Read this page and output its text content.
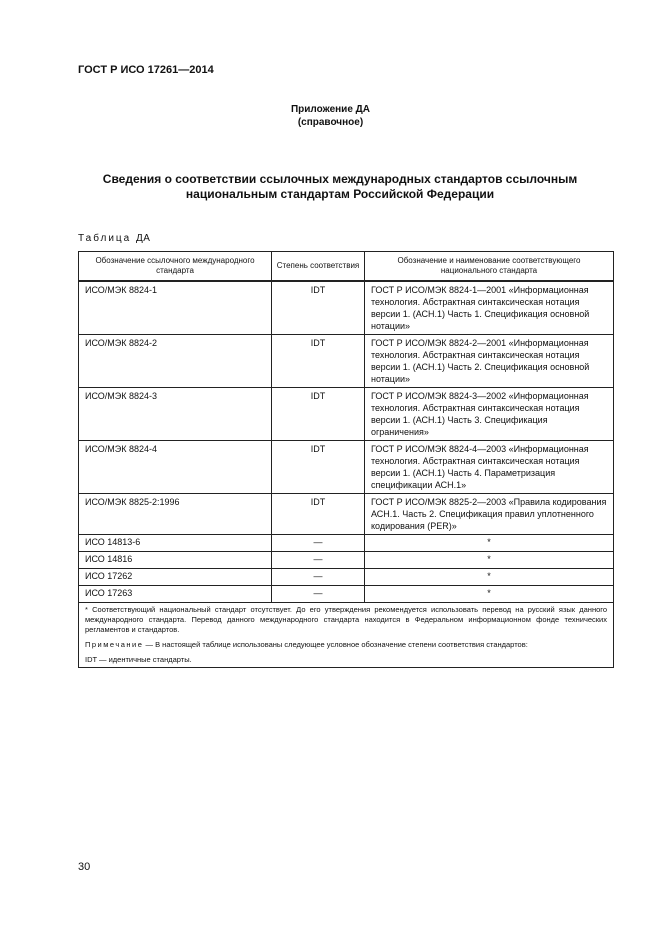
ГОСТ Р ИСО 17261—2014
Приложение ДА
(справочное)
Сведения о соответствии ссылочных международных стандартов ссылочным
национальным стандартам Российской Федерации
Таблица ДА
Обозначение ссылочного международного стандарта	Степень соответствия	Обозначение и наименование соответствующего национального стандарта
ИСО/МЭК 8824-1	IDT	ГОСТ Р ИСО/МЭК 8824-1—2001 «Информационная технология. Абстрактная синтаксическая нотация версии 1. (АСН.1) Часть 1. Спецификация основной нотации»
ИСО/МЭК 8824-2	IDT	ГОСТ Р ИСО/МЭК 8824-2—2001 «Информационная технология. Абстрактная синтаксическая нотация версии 1. (АСН.1) Часть 2. Спецификация основной нотации»
ИСО/МЭК 8824-3	IDT	ГОСТ Р ИСО/МЭК 8824-3—2002 «Информационная технология. Абстрактная синтаксическая нотация версии 1. (АСН.1) Часть 3. Спецификация ограничения»
ИСО/МЭК 8824-4	IDT	ГОСТ Р ИСО/МЭК 8824-4—2003 «Информационная технология. Абстрактная синтаксическая нотация версии 1. (АСН.1) Часть 4. Параметризация спецификации АСН.1»
ИСО/МЭК 8825-2:1996	IDT	ГОСТ Р ИСО/МЭК 8825-2—2003 «Правила кодирования АСН.1. Часть 2. Спецификация правил уплотненного кодирования (PER)»
ИСО 14813-6	—	*
ИСО 14816	—	*
ИСО 17262	—	*
ИСО 17263	—	*

* Соответствующий национальный стандарт отсутствует. До его утверждения рекомендуется использовать перевод на русский язык данного международного стандарта. Перевод данного международного стандарта находится в Федеральном информационном фонде технических регламентов и стандартов.

Примечание — В настоящей таблице использованы следующее условное обозначение степени соответствия стандартов:

IDT — идентичные стандарты.		

30
